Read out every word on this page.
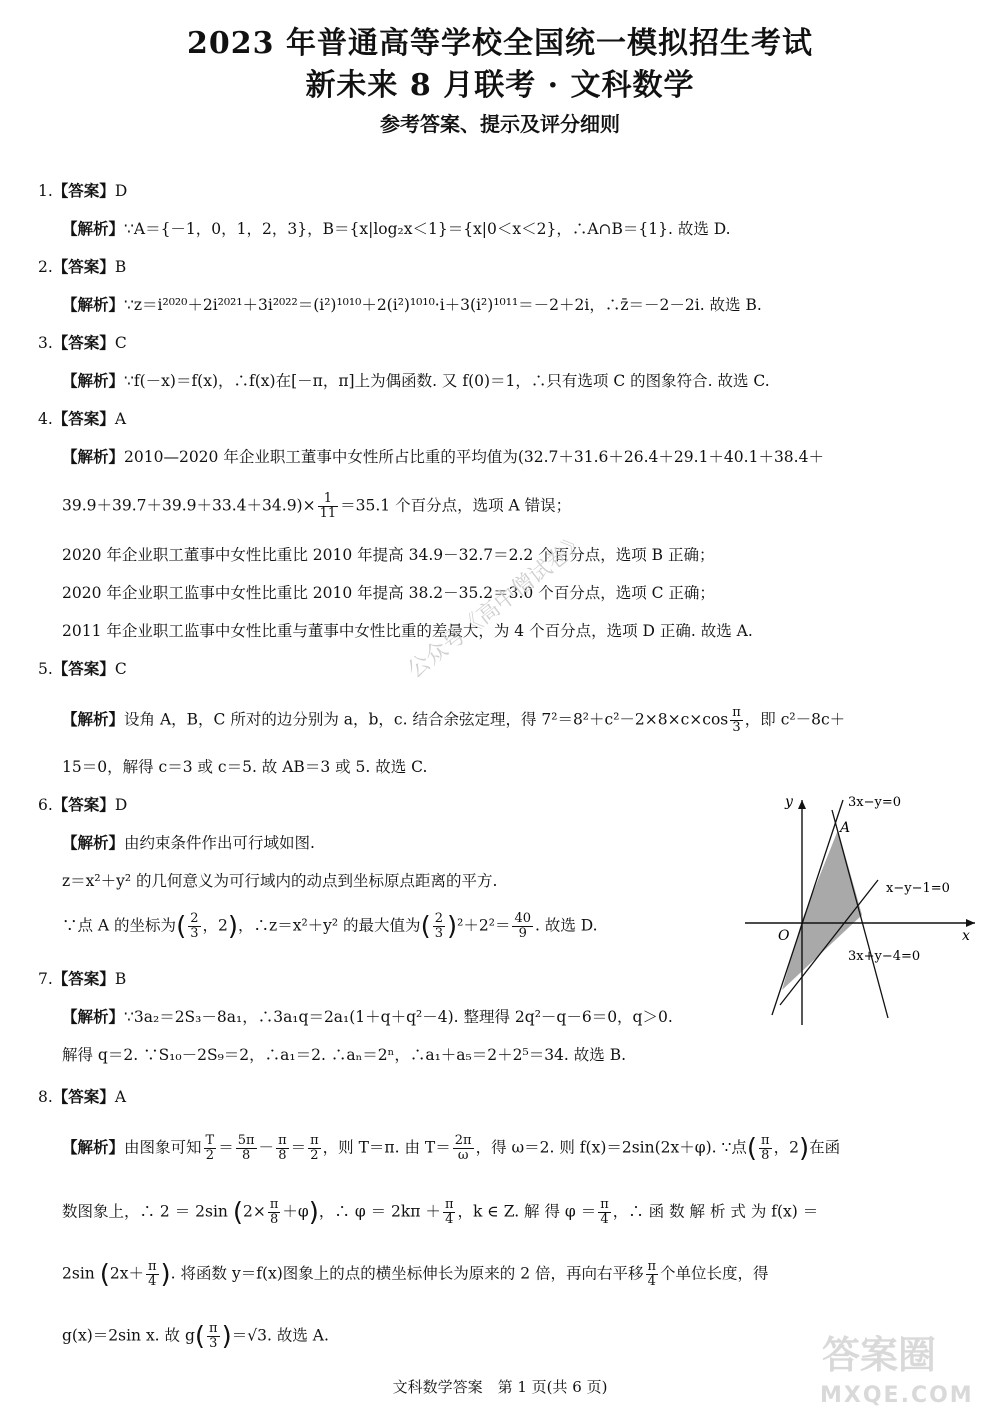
2023 年普通高等学校全国统一模拟招生考试
新未来 8 月联考 · 文科数学
参考答案、提示及评分细则
1.【答案】D
【解析】∵A＝{－1，0，1，2，3}，B＝{x|log₂x＜1}＝{x|0＜x＜2}，∴A∩B＝{1}. 故选 D.
2.【答案】B
【解析】∵z＝i²⁰²⁰＋2i²⁰²¹＋3i²⁰²²＝(i²)¹⁰¹⁰＋2(i²)¹⁰¹⁰·i＋3(i²)¹⁰¹¹＝－2＋2i，∴z̄＝－2－2i. 故选 B.
3.【答案】C
【解析】∵f(－x)＝f(x)，∴f(x)在[－π，π]上为偶函数. 又 f(0)＝1，∴只有选项 C 的图象符合. 故选 C.
4.【答案】A
【解析】2010—2020 年企业职工董事中女性所占比重的平均值为(32.7＋31.6＋26.4＋29.1＋40.1＋38.4＋
$39.9+39.7+39.9+33.4+34.9)\times \frac{1}{11} =35.1$ 个百分点，选项 A 错误；
2020 年企业职工董事中女性比重比 2010 年提高 34.9－32.7＝2.2 个百分点，选项 B 正确；
2020 年企业职工监事中女性比重比 2010 年提高 38.2－35.2＝3.0 个百分点，选项 C 正确；
2011 年企业职工监事中女性比重与董事中女性比重的差最大，为 4 个百分点，选项 D 正确. 故选 A.
5.【答案】C
【解析】设角 A，B，C 所对的边分别为 a，b，c. 结合余弦定理，得 $7^2=8^2+c^2-2\times 8\times c\times\cos \frac{\pi}{3}$ ，即 c²－8c＋
15＝0，解得 c＝3 或 c＝5. 故 AB＝3 或 5. 故选 C.
6.【答案】D
【解析】由约束条件作出可行域如图.
z＝x²＋y² 的几何意义为可行域内的动点到坐标原点距离的平方.
∵点 A 的坐标为( $\frac{2}{3}$ ，2)，∴z＝x²＋y² 的最大值为( $\frac{2}{3} )^2+2^2= \frac{40}{9}$ . 故选 D.
y
x
O
A
3x−y=0
x−y−1=0
3x+y−4=0
7.【答案】B
【解析】∵3a₂＝2S₃－8a₁，∴3a₁q＝2a₁(1＋q＋q²－4). 整理得 2q²－q－6＝0，q＞0.
解得 q＝2. ∵S₁₀－2S₉＝2，∴a₁＝2. ∴aₙ＝2ⁿ，∴a₁＋a₅＝2＋2⁵＝34. 故选 B.
8.【答案】A
【解析】由图象可知 $\frac{T}{2} = \frac{5\pi}{8} - \frac{\pi}{8} = \frac{\pi}{2}$ ，则 T＝π. 由 $T= \frac{2\pi}{\omega}$ ，得 ω＝2. 则 f(x)＝2sin(2x＋φ). ∵点( $\frac{\pi}{8}$ ，2)在函
数图象上，∴ 2 ＝ 2sin $(2\times \frac{\pi}{8} +\varphi)$，∴ $\varphi = 2k\pi + \frac{\pi}{4}$ ，k ∈ Z. 解 得 $\varphi = \frac{\pi}{4}$ ，∴ 函 数 解 析 式 为 f(x) ＝
2sin ($2x+ \frac{\pi}{4}$ ). 将函数 y＝f(x)图象上的点的横坐标伸长为原来的 2 倍，再向右平移 $\frac{\pi}{4}$ 个单位长度，得
g(x)＝2sin x. 故 $g( \frac{\pi}{3} )=√3$. 故选 A.
公众号《高中僧试卷》
答案圈
MXQE.COM
文科数学答案　第 1 页(共 6 页)
